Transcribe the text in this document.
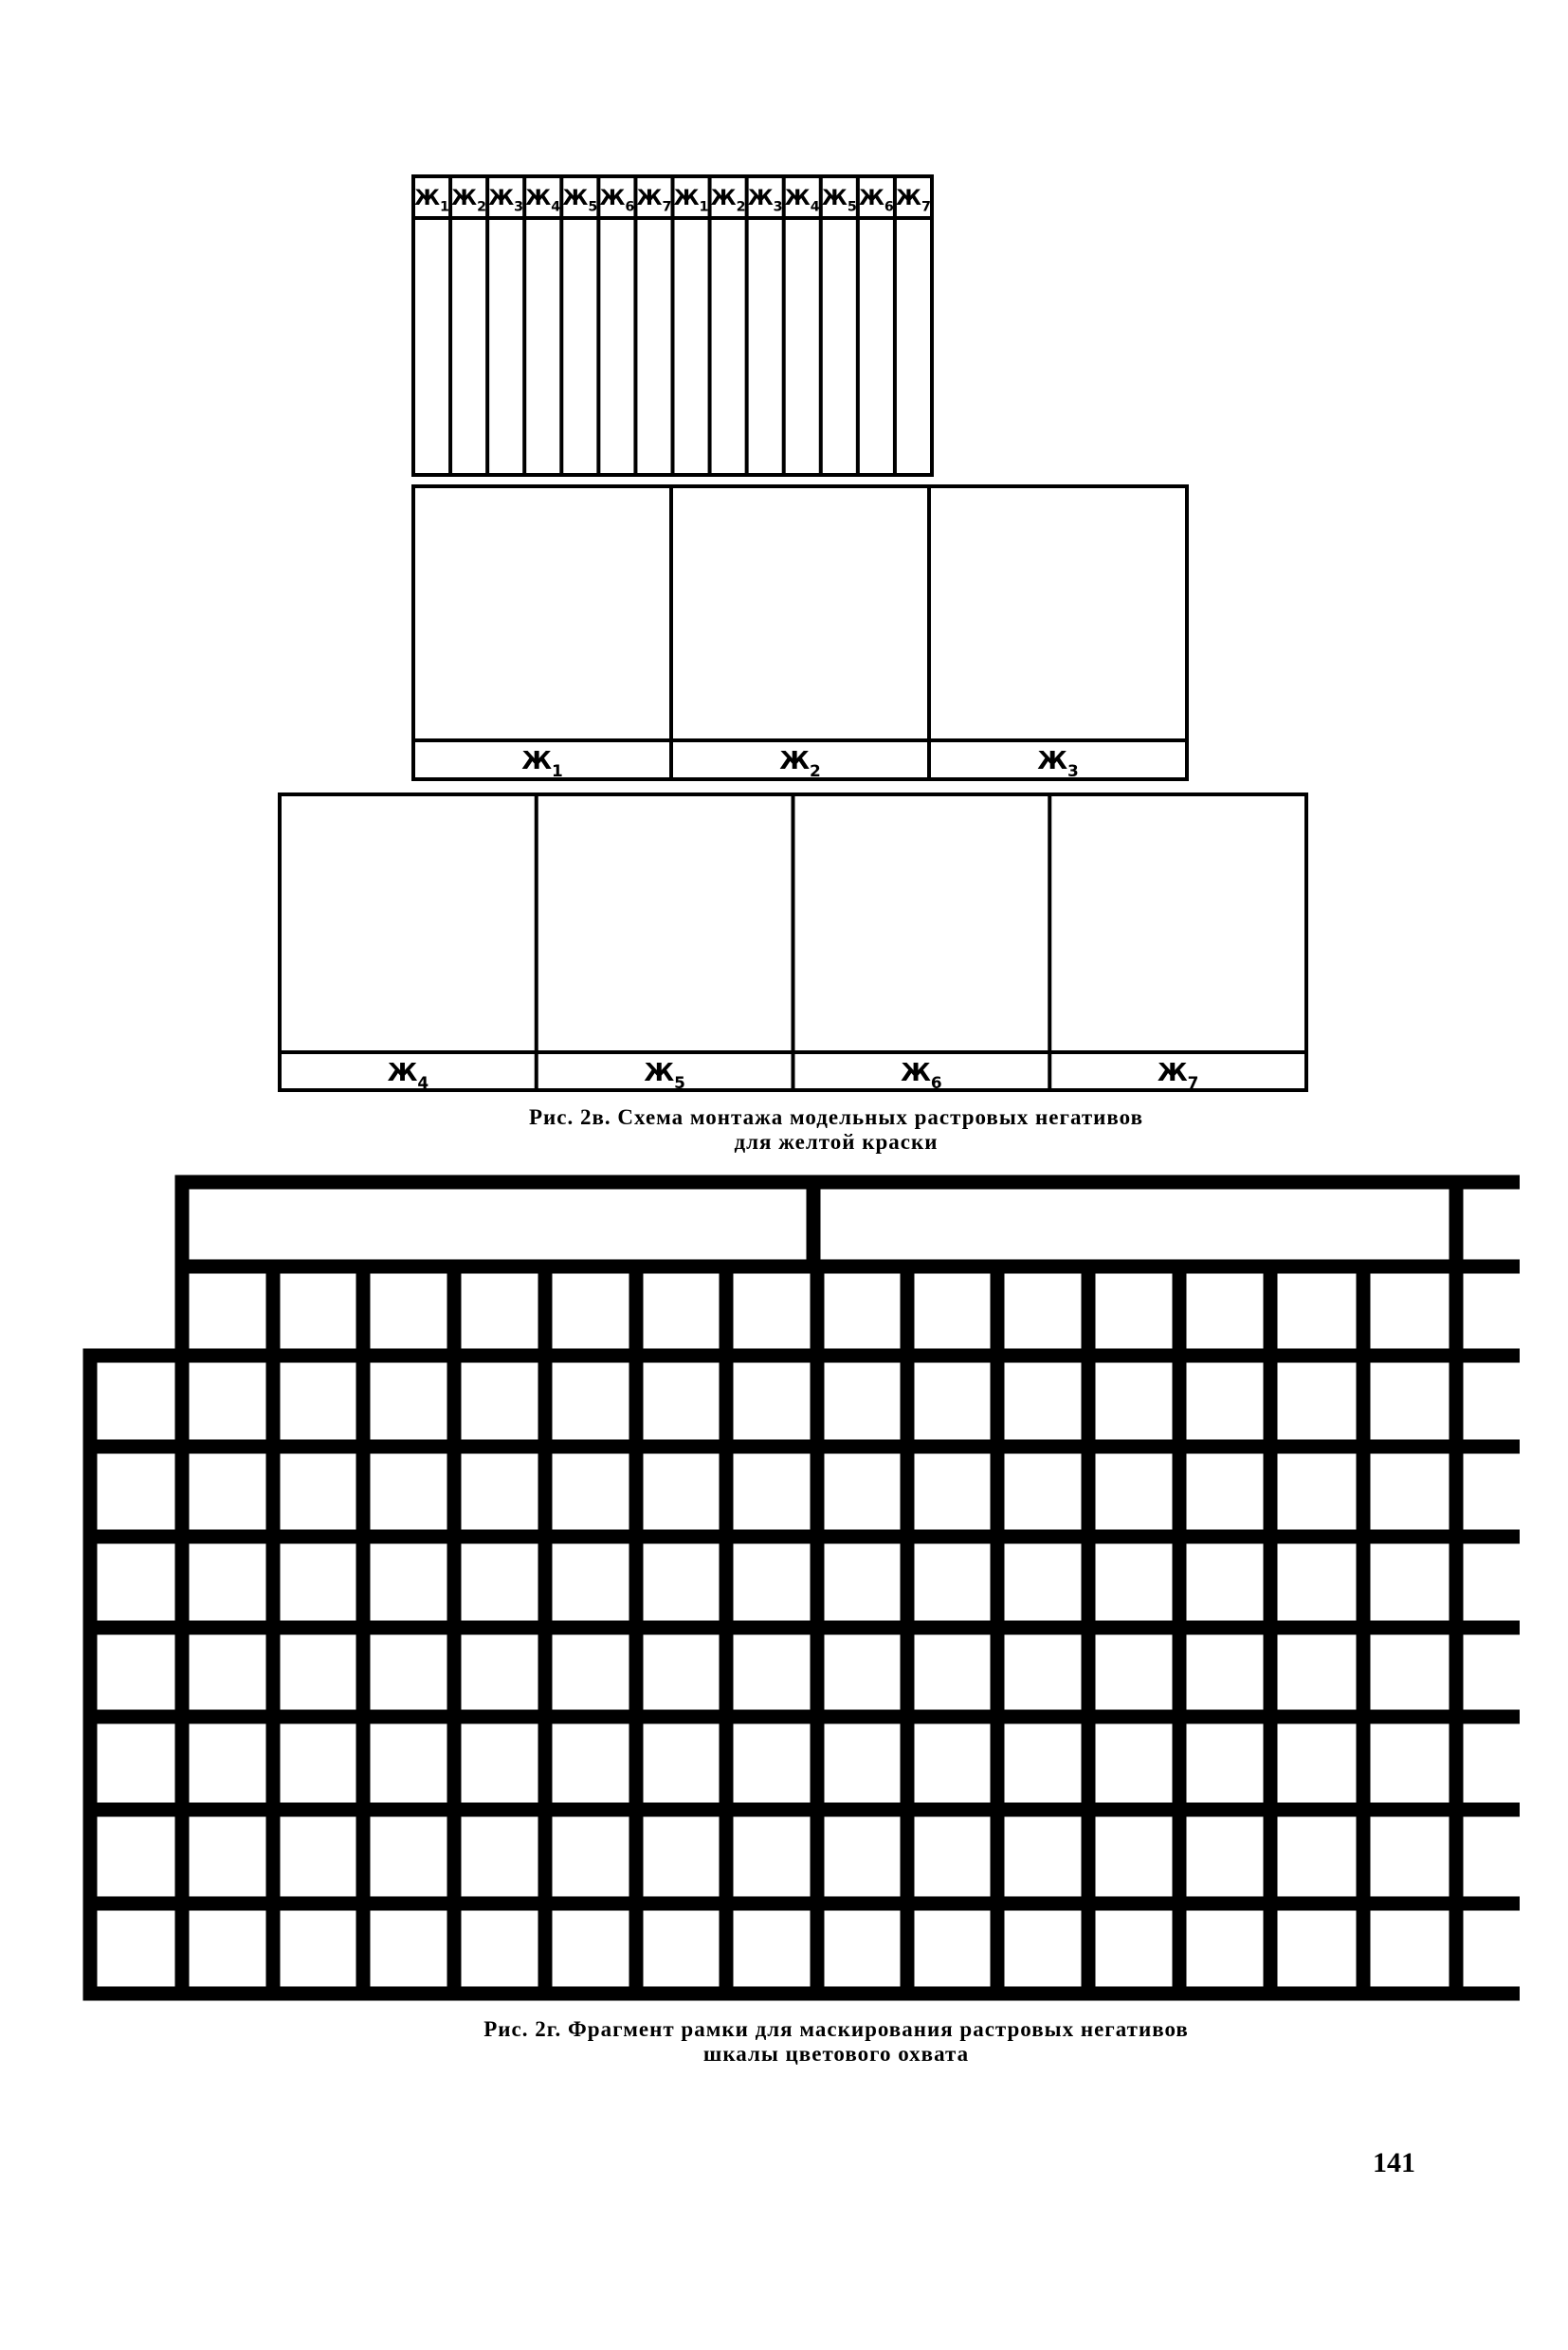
$Ж_1$ $Ж_2$ $Ж_3$ $Ж_4$ $Ж_5$ $Ж_6$ $Ж_7$ $Ж_1$ $Ж_2$ $Ж_3$ $Ж_4$ $Ж_5$ $Ж_6$ $Ж_7$
$Ж_1$	$Ж_2$	$Ж_3$
$Ж_4$	$Ж_5$	$Ж_6$	$Ж_7$
Рис. 2в. Схема монтажа модельных растровых негативов
для желтой краски
Рис. 2г. Фрагмент рамки для маскирования растровых негативов
шкалы цветового охвата
141
